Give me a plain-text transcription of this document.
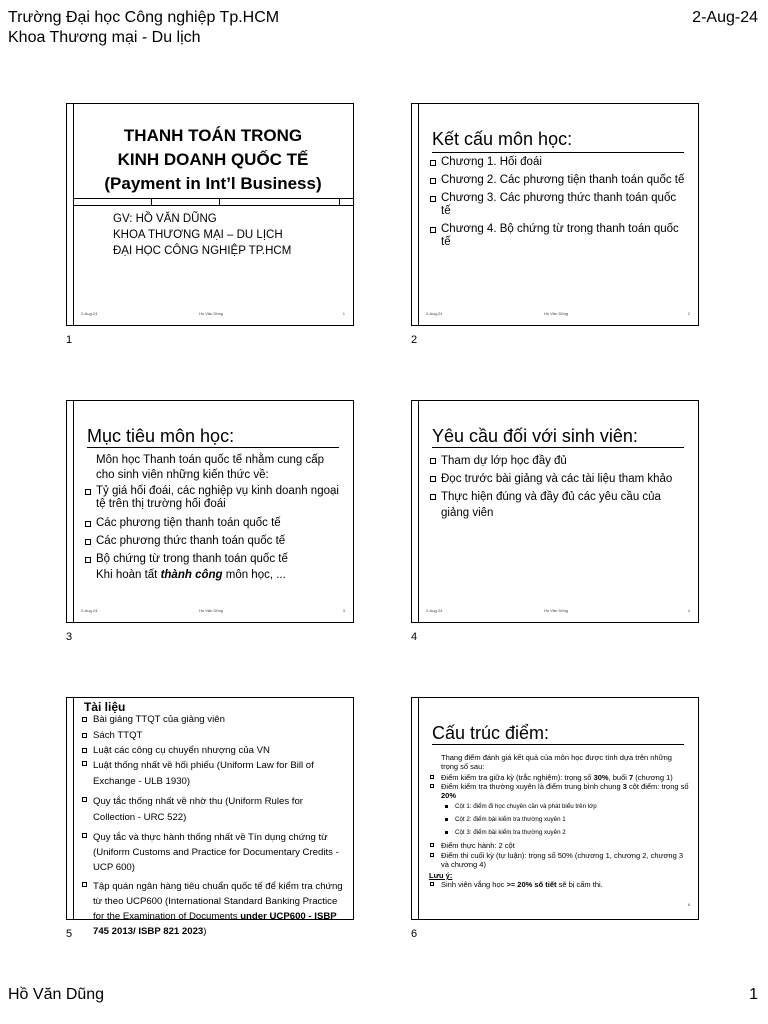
Trường Đại học Công nghiệp Tp.HCM
Khoa Thương mại - Du lịch
2-Aug-24
Hồ Văn Dũng	1
THANH TOÁN TRONG
KINH DOANH QUỐC TẾ
(Payment in Int’l Business)
GV: HỒ VĂN DŨNG
KHOA THƯƠNG MẠI – DU LỊCH
ĐẠI HỌC CÔNG NGHIỆP TP.HCM
2-Aug-24	Hồ Văn Dũng	1
1
Kết cấu môn học:
Chương 1. Hối đoái
Chương 2. Các phương tiện thanh toán quốc tế
Chương 3. Các phương thức thanh toán quốc tế
Chương 4. Bộ chứng từ trong thanh toán quốc tế
2-Aug-24	Hồ Văn Dũng	2
2
Mục tiêu môn học:
Môn học Thanh toán quốc tế nhằm cung cấp cho sinh viên những kiến thức về:
Tỷ giá hối đoái, các nghiệp vụ kinh doanh ngoại tệ trên thị trường hối đoái
Các phương tiện thanh toán quốc tế
Các phương thức thanh toán quốc tế
Bộ chứng từ trong thanh toán quốc tế
Khi hoàn tất thành công môn học, ...
2-Aug-24	Hồ Văn Dũng	3
3
Yêu cầu đối với sinh viên:
Tham dự lớp học đầy đủ
Đọc trước bài giảng và các tài liệu tham khảo
Thực hiện đúng và đầy đủ các yêu cầu của giảng viên
2-Aug-24	Hồ Văn Dũng	4
4
Tài liệu
Bài giảng TTQT của giảng viên
Sách TTQT
Luật các công cụ chuyển nhượng của VN
Luật thống nhất về hối phiếu (Uniform Law for Bill of Exchange - ULB 1930)
Quy tắc thống nhất về nhờ thu (Uniform Rules for Collection - URC 522)
Quy tắc và thực hành thống nhất về Tín dụng chứng từ (Uniform Customs and Practice for Documentary Credits - UCP 600)
Tập quán ngân hàng tiêu chuẩn quốc tế để kiểm tra chứng từ theo UCP600 (International Standard Banking Practice for the Examination of Documents under UCP600 - ISBP 745 2013/ ISBP 821 2023)
5
Cấu trúc điểm:
Thang điểm đánh giá kết quả của môn học được tính dựa trên những trọng số sau:
Điểm kiểm tra giữa kỳ (trắc nghiệm): trọng số 30%, buổi 7 (chương 1)
Điểm kiểm tra thường xuyên là điểm trung bình chung 3 cột điểm: trọng số 20%
Cột 1: điểm đi học chuyên cần và phát biểu trên lớp
Cột 2: điểm bài kiểm tra thường xuyên 1
Cột 3: điểm bài kiểm tra thường xuyên 2
Điểm thực hành: 2 cột
Điểm thi cuối kỳ (tự luận): trọng số 50% (chương 1, chương 2, chương 3 và chương 4)
Lưu ý:
Sinh viên vắng học >= 20% số tiết sẽ bị cấm thi.
6
6
